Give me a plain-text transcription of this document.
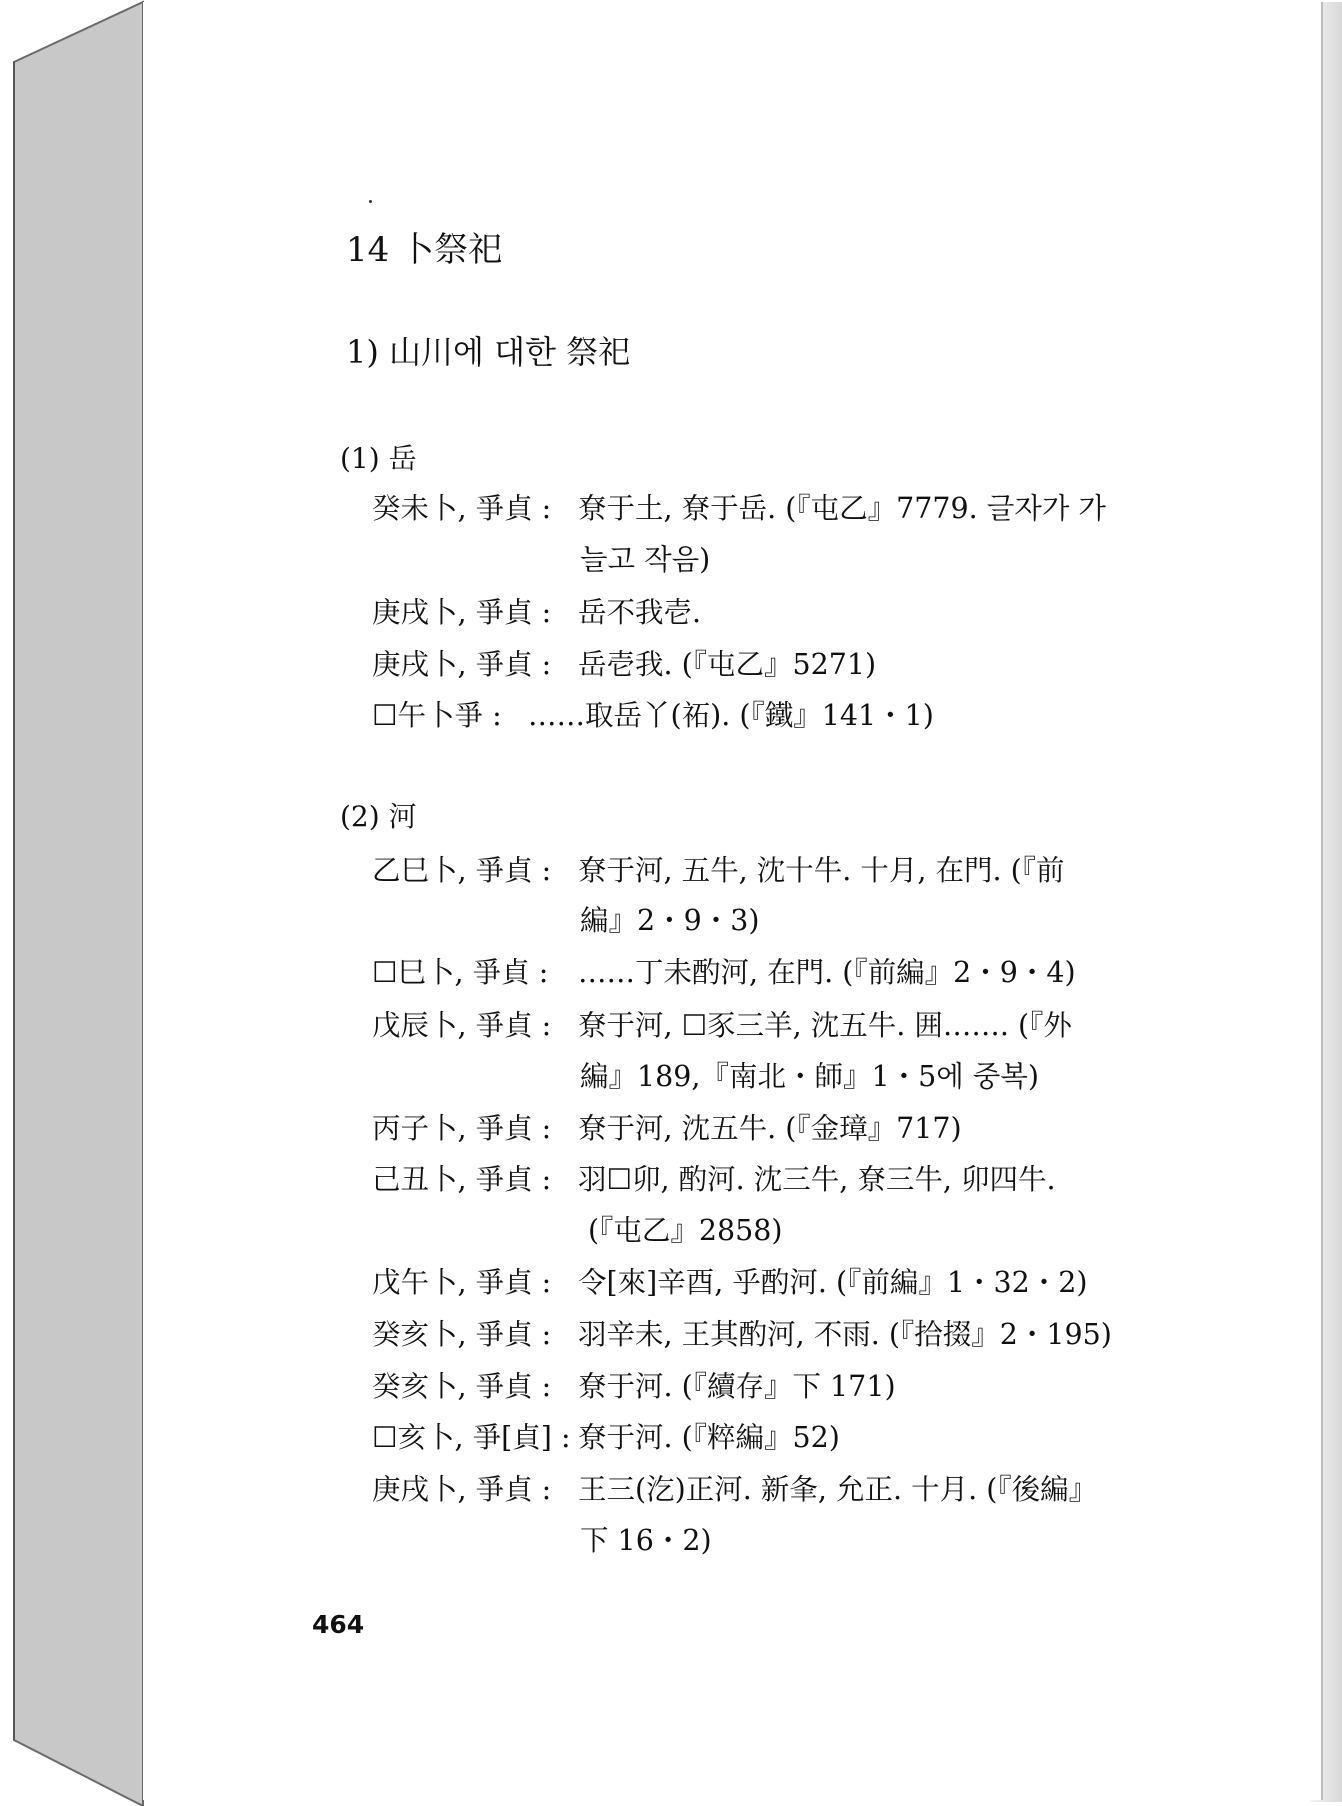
14 卜祭祀
1) 山川에 대한 祭祀
(1) 岳
癸未卜, 爭貞 : 尞于土, 尞于岳. (『屯乙』7779. 글자가 가
늘고 작음)
庚戌卜, 爭貞 : 岳不我壱.
庚戌卜, 爭貞 : 岳壱我. (『屯乙』5271)
☐午卜爭 : ……取岳丫(祏). (『鐵』141・1)
(2) 河
乙巳卜, 爭貞 : 尞于河, 五牛, 沈十牛. 十月, 在門. (『前
編』2・9・3)
☐巳卜, 爭貞 : ……丁未酌河, 在門. (『前編』2・9・4)
戊辰卜, 爭貞 : 尞于河, ☐豕三羊, 沈五牛. 囲……. (『外
編』189,『南北・師』1・5에 중복)
丙子卜, 爭貞 : 尞于河, 沈五牛. (『金璋』717)
己丑卜, 爭貞 : 羽☐卯, 酌河. 沈三牛, 尞三牛, 卯四牛.
(『屯乙』2858)
戊午卜, 爭貞 : 令[來]辛酉, 乎酌河. (『前編』1・32・2)
癸亥卜, 爭貞 : 羽辛未, 王其酌河, 不雨. (『拾掇』2・195)
癸亥卜, 爭貞 : 尞于河. (『續存』下 171)
☐亥卜, 爭[貞] : 尞于河. (『粹編』52)
庚戌卜, 爭貞 : 王三(汔)正河. 新夆, 允正. 十月. (『後編』
下 16・2)
464
